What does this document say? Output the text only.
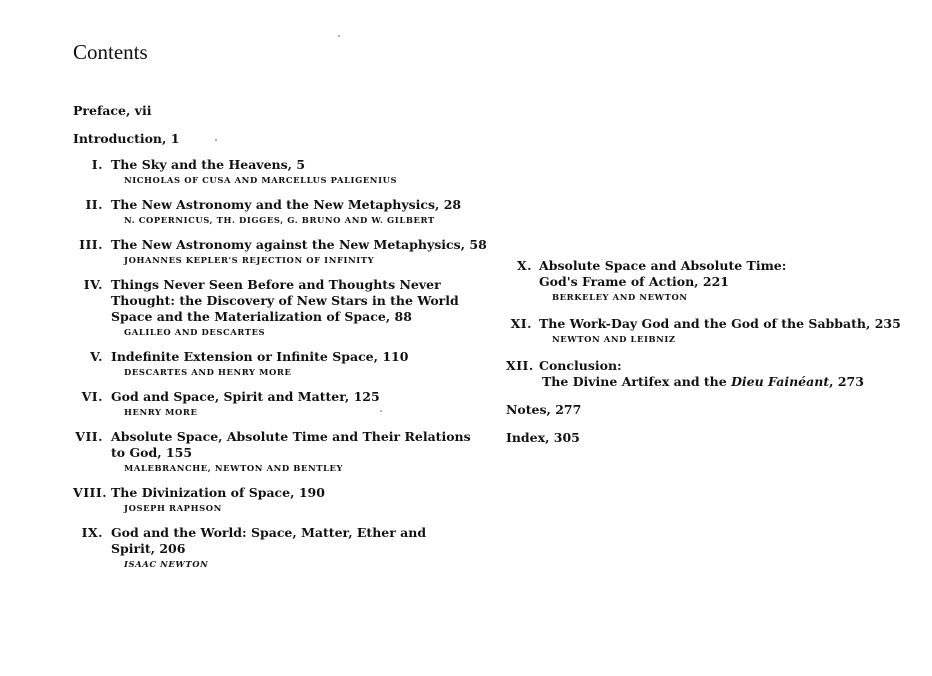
Contents

Preface, vii

Introduction, 1

I. The Sky and the Heavens, 5

NICHOLAS OF CUSA AND MARCELLUS PALIGENIUS

II. The New Astronomy and the New Metaphysics, 28

N. COPERNICUS, TH. DIGGES, G. BRUNO AND W. GILBERT

III. The New Astronomy against the New Metaphysics, 58

JOHANNES KEPLER'S REJECTION OF INFINITY

IV. Things Never Seen Before and Thoughts Never

Thought: the Discovery of New Stars in the World

Space and the Materialization of Space, 88

GALILEO AND DESCARTES

V. Indefinite Extension or Infinite Space, 110

DESCARTES AND HENRY MORE

VI. God and Space, Spirit and Matter, 125

HENRY MORE

VII. Absolute Space, Absolute Time and Their Relations

to God, 155

MALEBRANCHE, NEWTON AND BENTLEY

VIII. The Divinization of Space, 190

JOSEPH RAPHSON

IX. God and the World: Space, Matter, Ether and

Spirit, 206

ISAAC NEWTON

X. Absolute Space and Absolute Time:

God's Frame of Action, 221

BERKELEY AND NEWTON

XI. The Work-Day God and the God of the Sabbath, 235

NEWTON AND LEIBNIZ

XII. Conclusion:

The Divine Artifex and the Dieu Fainéant, 273

Notes, 277

Index, 305
